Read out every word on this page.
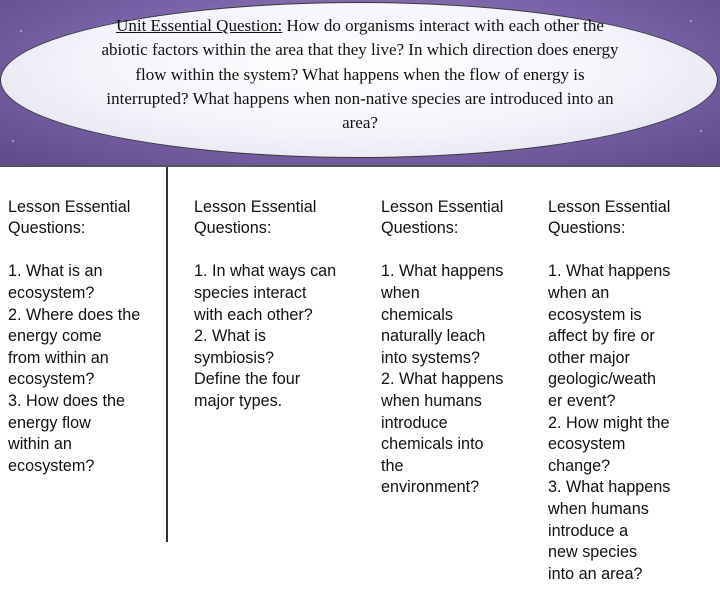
Unit Essential Question: How do organisms interact with each other the abiotic factors within the area that they live? In which direction does energy flow within the system? What happens when the flow of energy is interrupted? What happens when non-native species are introduced into an area?

Lesson Essential
Questions:

1. What is an
ecosystem?
2. Where does the
energy come
from within an
ecosystem?
3. How does the
energy flow
within an
ecosystem?

Lesson Essential
Questions:

1. In what ways can
species interact
with each other?
2. What is
symbiosis?
Define the four
major types.

Lesson Essential
Questions:

1. What happens
when
chemicals
naturally leach
into systems?
2. What happens
when humans
introduce
chemicals into
the
environment?

Lesson Essential
Questions:

1. What happens
when an
ecosystem is
affect by fire or
other major
geologic/weath
er event?
2. How might the
ecosystem
change?
3. What happens
when humans
introduce a
new species
into an area?
